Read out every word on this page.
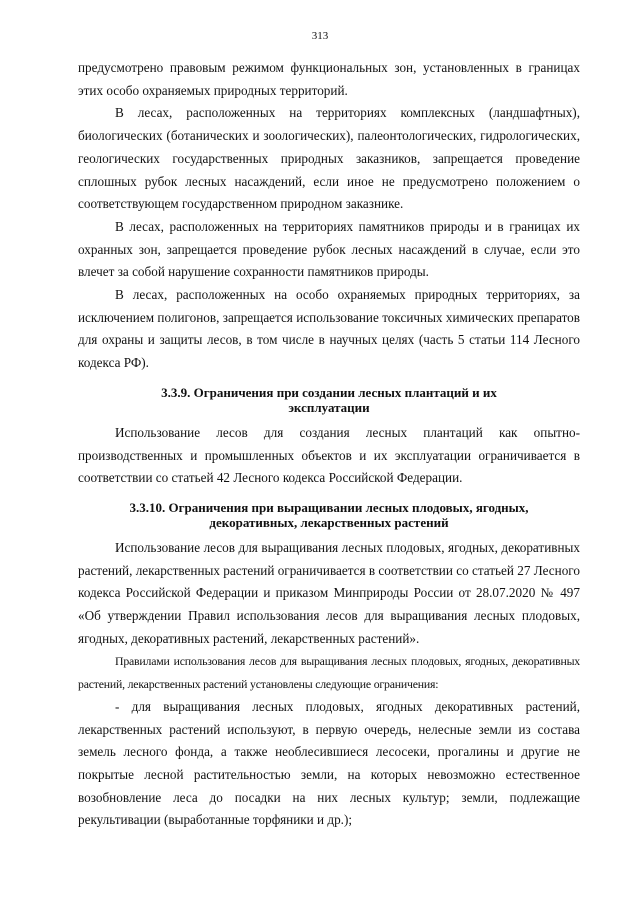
313

предусмотрено правовым режимом функциональных зон, установленных в границах этих особо охраняемых природных территорий.

В лесах, расположенных на территориях комплексных (ландшафтных), биологических (ботанических и зоологических), палеонтологических, гидрологических, геологических государственных природных заказников, запрещается проведение сплошных рубок лесных насаждений, если иное не предусмотрено положением о соответствующем государственном природном заказнике.

В лесах, расположенных на территориях памятников природы и в границах их охранных зон, запрещается проведение рубок лесных насаждений в случае, если это влечет за собой нарушение сохранности памятников природы.

В лесах, расположенных на особо охраняемых природных территориях, за исключением полигонов, запрещается использование токсичных химических препаратов для охраны и защиты лесов, в том числе в научных целях (часть 5 статьи 114 Лесного кодекса РФ).

3.3.9. Ограничения при создании лесных плантаций и их
эксплуатации

Использование лесов для создания лесных плантаций как опытно-производственных и промышленных объектов и их эксплуатации ограничивается в соответствии со статьей 42 Лесного кодекса Российской Федерации.

3.3.10. Ограничения при выращивании лесных плодовых, ягодных,
декоративных, лекарственных растений

Использование лесов для выращивания лесных плодовых, ягодных, декоративных растений, лекарственных растений ограничивается в соответствии со статьей 27 Лесного кодекса Российской Федерации и приказом Минприроды России от 28.07.2020 № 497 «Об утверждении Правил использования лесов для выращивания лесных плодовых, ягодных, декоративных растений, лекарственных растений».

Правилами использования лесов для выращивания лесных плодовых, ягодных, декоративных растений, лекарственных растений установлены следующие ограничения:

- для выращивания лесных плодовых, ягодных декоративных растений, лекарственных растений используют, в первую очередь, нелесные земли из состава земель лесного фонда, а также необлесившиеся лесосеки, прогалины и другие не покрытые лесной растительностью земли, на которых невозможно естественное возобновление леса до посадки на них лесных культур; земли, подлежащие рекультивации (выработанные торфяники и др.);
